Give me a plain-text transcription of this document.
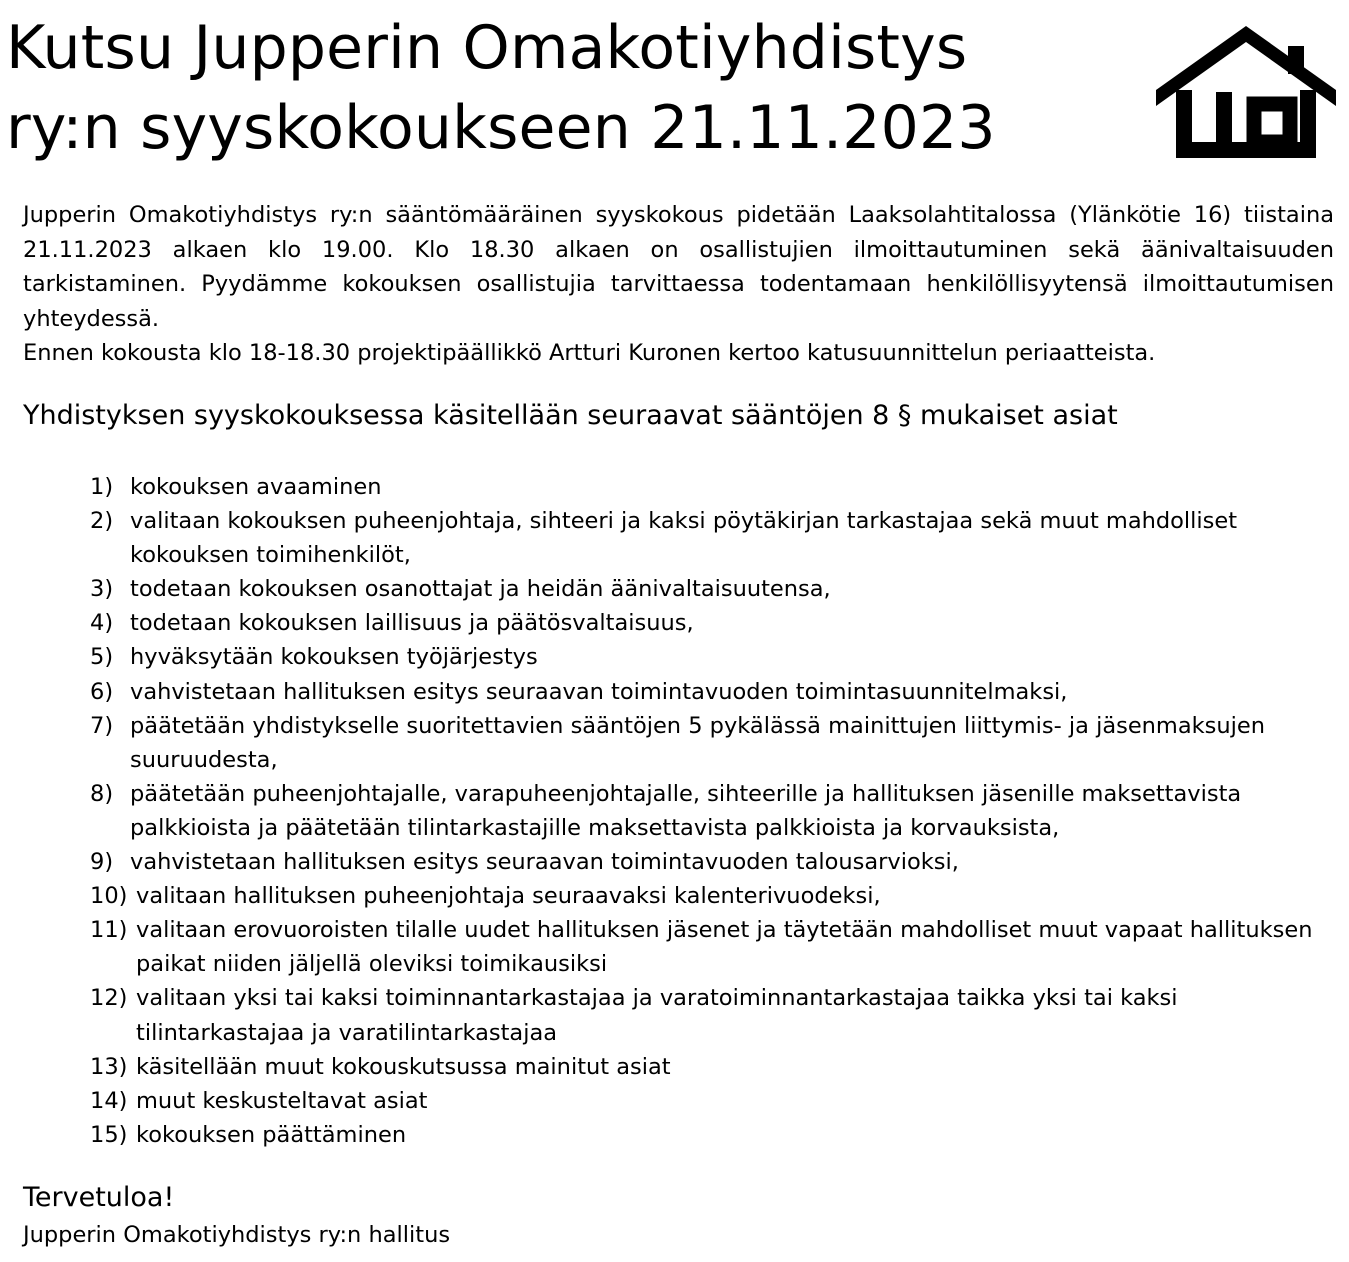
Kutsu Jupperin Omakotiyhdistys
ry:n syyskokoukseen 21.11.2023

Jupperin Omakotiyhdistys ry:n sääntömääräinen syyskokous pidetään Laaksolahtitalossa (Ylänkötie 16) tiistaina 21.11.2023 alkaen klo 19.00. Klo 18.30 alkaen on osallistujien ilmoittautuminen sekä äänivaltaisuuden tarkistaminen. Pyydämme kokouksen osallistujia tarvittaessa todentamaan henkilöllisyytensä ilmoittautumisen yhteydessä.

Ennen kokousta klo 18-18.30 projektipäällikkö Artturi Kuronen kertoo katusuunnittelun periaatteista.

Yhdistyksen syyskokouksessa käsitellään seuraavat sääntöjen 8 § mukaiset asiat
1) kokouksen avaaminen
2) valitaan kokouksen puheenjohtaja, sihteeri ja kaksi pöytäkirjan tarkastajaa sekä muut mahdolliset kokouksen toimihenkilöt,
3) todetaan kokouksen osanottajat ja heidän äänivaltaisuutensa,
4) todetaan kokouksen laillisuus ja päätösvaltaisuus,
5) hyväksytään kokouksen työjärjestys
6) vahvistetaan hallituksen esitys seuraavan toimintavuoden toimintasuunnitelmaksi,
7) päätetään yhdistykselle suoritettavien sääntöjen 5 pykälässä mainittujen liittymis- ja jäsenmaksujen suuruudesta,
8) päätetään puheenjohtajalle, varapuheenjohtajalle, sihteerille ja hallituksen jäsenille maksettavista palkkioista ja päätetään tilintarkastajille maksettavista palkkioista ja korvauksista,
9) vahvistetaan hallituksen esitys seuraavan toimintavuoden talousarvioksi,
10) valitaan hallituksen puheenjohtaja seuraavaksi kalenterivuodeksi,
11) valitaan erovuoroisten tilalle uudet hallituksen jäsenet ja täytetään mahdolliset muut vapaat hallituksen paikat niiden jäljellä oleviksi toimikausiksi
12) valitaan yksi tai kaksi toiminnantarkastajaa ja varatoiminnantarkastajaa taikka yksi tai kaksi tilintarkastajaa ja varatilintarkastajaa
13) käsitellään muut kokouskutsussa mainitut asiat
14) muut keskusteltavat asiat
15) kokouksen päättäminen
Tervetuloa!

Jupperin Omakotiyhdistys ry:n hallitus
